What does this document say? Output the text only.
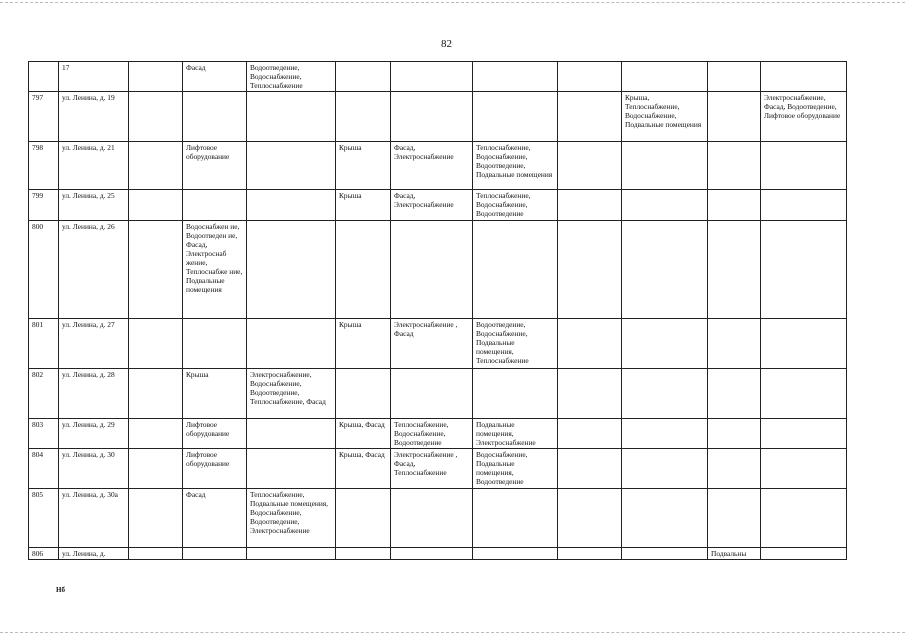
82
	17		Фасад	Водоотведение, Водоснабжение, Теплоснабжение							
797	ул. Ленина, д. 19								Крыша, Теплоснабжение, Водоснабжение, Подвальные помещения		Электроснабжение, Фасад, Водоотведение, Лифтовое оборудование
798	ул. Ленина, д. 21		Лифтовое оборудование		Крыша	Фасад, Электроснабжение	Теплоснабжение, Водоснабжение, Водоотведение, Подвальные помещения				
799	ул. Ленина, д. 25				Крыша	Фасад, Электроснабжение	Теплоснабжение, Водоснабжение, Водоотведение				
800	ул. Ленина, д. 26		Водоснабжен ие, Водоотведен ие, Фасад, Электроснаб жение, Теплоснабже ние, Подвальные помещения								
801	ул. Ленина, д. 27				Крыша	Электроснабжение , Фасад	Водоотведение, Водоснабжение, Подвальные помещения, Теплоснабжение				
802	ул. Ленина, д. 28		Крыша	Электроснабжение, Водоснабжение, Водоотведение, Теплоснабжение, Фасад							
803	ул. Ленина, д. 29		Лифтовое оборудование		Крыша, Фасад	Теплоснабжение, Водоснабжение, Водоотведение	Подвальные помещения, Электроснабжение				
804	ул. Ленина, д. 30		Лифтовое оборудование		Крыша, Фасад	Электроснабжение , Фасад, Теплоснабжение	Водоснабжение, Подвальные помещения, Водоотведение				
805	ул. Ленина, д. 30а		Фасад	Теплоснабжение, Подвальные помещения, Водоснабжение, Водоотведение, Электроснабжение							
806	ул. Ленина, д.									Подвальны	
Нб
